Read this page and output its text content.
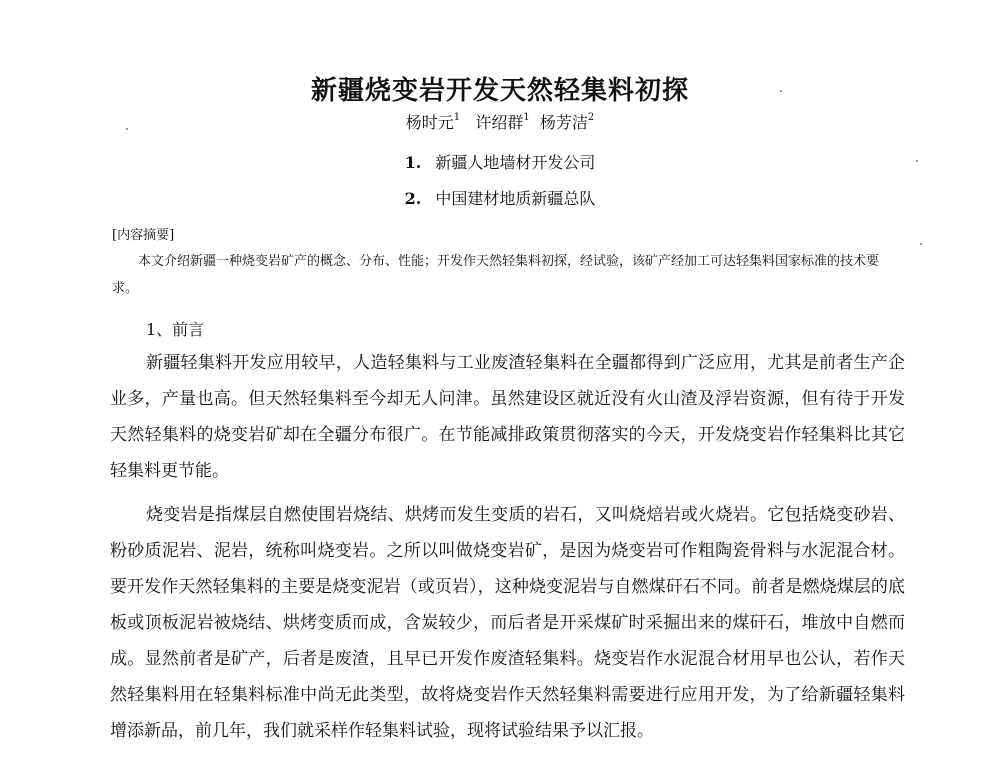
新疆烧变岩开发天然轻集料初探
杨时元$^1$ 许绍群$^1$ 杨芳洁$^2$
1. 新疆人地墙材开发公司
2. 中国建材地质新疆总队
[内容摘要]

本文介绍新疆一种烧变岩矿产的概念、分布、性能；开发作天然轻集料初探，经试验，该矿产经加工可达轻集料国家标准的技术要求。

1、前言

新疆轻集料开发应用较早，人造轻集料与工业废渣轻集料在全疆都得到广泛应用，尤其是前者生产企业多，产量也高。但天然轻集料至今却无人问津。虽然建设区就近没有火山渣及浮岩资源，但有待于开发天然轻集料的烧变岩矿却在全疆分布很广。在节能减排政策贯彻落实的今天，开发烧变岩作轻集料比其它轻集料更节能。

烧变岩是指煤层自燃使围岩烧结、烘烤而发生变质的岩石，又叫烧焙岩或火烧岩。它包括烧变砂岩、粉砂质泥岩、泥岩，统称叫烧变岩。之所以叫做烧变岩矿，是因为烧变岩可作粗陶瓷骨料与水泥混合材。要开发作天然轻集料的主要是烧变泥岩（或页岩），这种烧变泥岩与自燃煤矸石不同。前者是燃烧煤层的底板或顶板泥岩被烧结、烘烤变质而成，含炭较少，而后者是开采煤矿时采掘出来的煤矸石，堆放中自燃而成。显然前者是矿产，后者是废渣，且早已开发作废渣轻集料。烧变岩作水泥混合材用早也公认，若作天然轻集料用在轻集料标准中尚无此类型，故将烧变岩作天然轻集料需要进行应用开发，为了给新疆轻集料增添新品，前几年，我们就采样作轻集料试验，现将试验结果予以汇报。
